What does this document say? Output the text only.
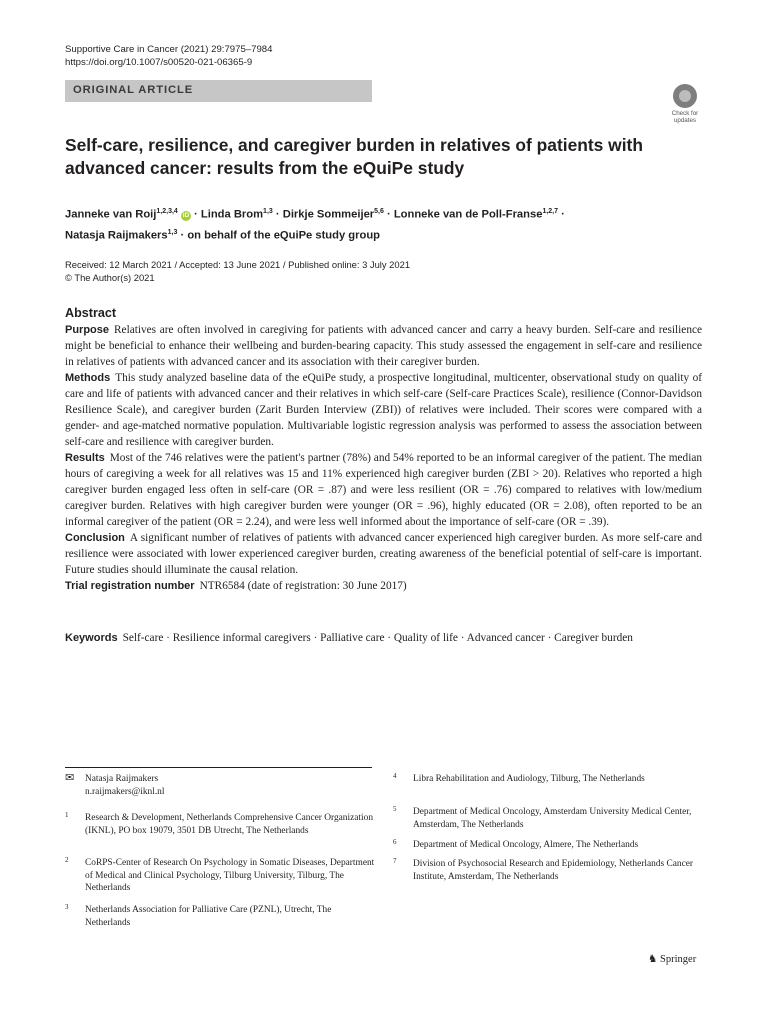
Supportive Care in Cancer (2021) 29:7975–7984
https://doi.org/10.1007/s00520-021-06365-9
ORIGINAL ARTICLE
Check for
updates
Self-care, resilience, and caregiver burden in relatives of patients with advanced cancer: results from the eQuiPe study
Janneke van Roij$^{1,2,3,4}$ iD · Linda Brom$^{1,3}$ · Dirkje Sommeijer$^{5,6}$ · Lonneke van de Poll-Franse$^{1,2,7}$ ·
Natasja Raijmakers$^{1,3}$ · on behalf of the eQuiPe study group
Received: 12 March 2021 / Accepted: 13 June 2021 / Published online: 3 July 2021
© The Author(s) 2021
Abstract

Purpose Relatives are often involved in caregiving for patients with advanced cancer and carry a heavy burden. Self-care and resilience might be beneficial to enhance their wellbeing and burden-bearing capacity. This study assessed the engagement in self-care and resilience in relatives of patients with advanced cancer and its association with their caregiver burden.

Methods This study analyzed baseline data of the eQuiPe study, a prospective longitudinal, multicenter, observational study on quality of care and life of patients with advanced cancer and their relatives in which self-care (Self-care Practices Scale), resilience (Connor-Davidson Resilience Scale), and caregiver burden (Zarit Burden Interview (ZBI)) of relatives were included. Their scores were compared with a gender- and age-matched normative population. Multivariable logistic regression analysis was performed to assess the association between self-care and resilience with caregiver burden.

Results Most of the 746 relatives were the patient's partner (78%) and 54% reported to be an informal caregiver of the patient. The median hours of caregiving a week for all relatives was 15 and 11% experienced high caregiver burden (ZBI > 20). Relatives who reported a high caregiver burden engaged less often in self-care (OR = .87) and were less resilient (OR = .76) compared to relatives with low/medium caregiver burden. Relatives with high caregiver burden were younger (OR = .96), highly educated (OR = 2.08), often reported to be an informal caregiver of the patient (OR = 2.24), and were less well informed about the importance of self-care (OR = .39).

Conclusion A significant number of relatives of patients with advanced cancer experienced high caregiver burden. As more self-care and resilience were associated with lower experienced caregiver burden, creating awareness of the beneficial potential of self-care is important. Future studies should illuminate the causal relation.

Trial registration number NTR6584 (date of registration: 30 June 2017)

Keywords Self-care · Resilience informal caregivers · Palliative care · Quality of life · Advanced cancer · Caregiver burden
✉ Natasja Raijmakers
n.raijmakers@iknl.nl
1 Research & Development, Netherlands Comprehensive Cancer Organization (IKNL), PO box 19079, 3501 DB Utrecht, The Netherlands
2 CoRPS-Center of Research On Psychology in Somatic Diseases, Department of Medical and Clinical Psychology, Tilburg University, Tilburg, The Netherlands
3 Netherlands Association for Palliative Care (PZNL), Utrecht, The Netherlands
4 Libra Rehabilitation and Audiology, Tilburg, The Netherlands
5 Department of Medical Oncology, Amsterdam University Medical Center, Amsterdam, The Netherlands
6 Department of Medical Oncology, Almere, The Netherlands
7 Division of Psychosocial Research and Epidemiology, Netherlands Cancer Institute, Amsterdam, The Netherlands
♞ Springer
